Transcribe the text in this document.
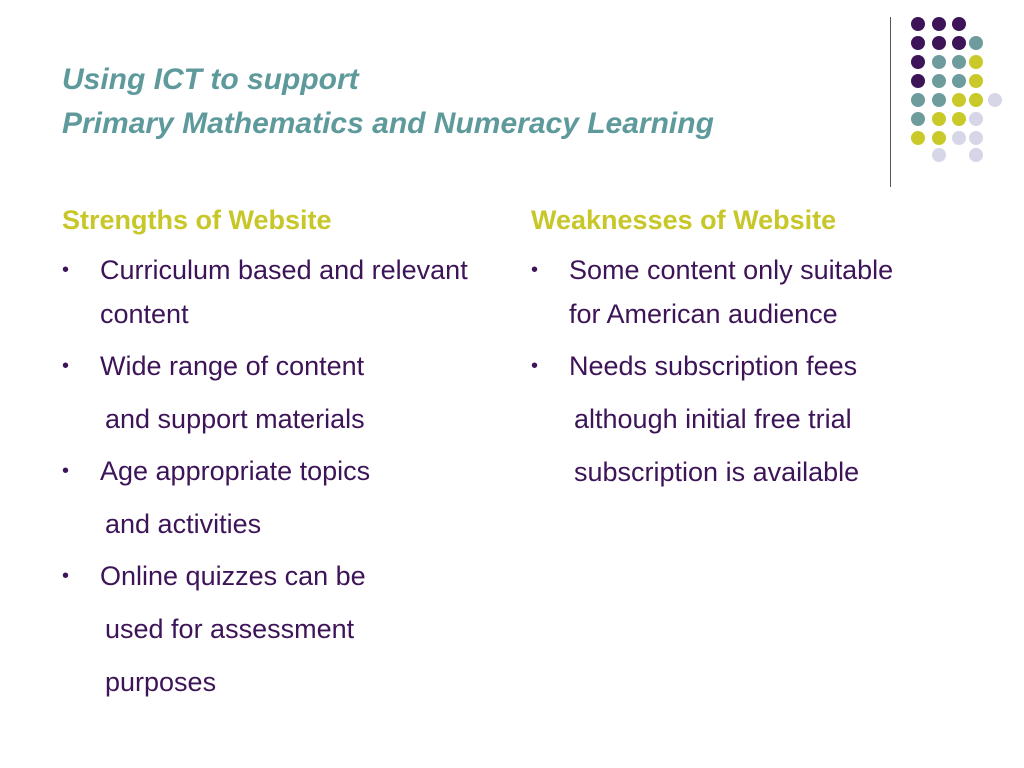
Using ICT to support
Primary Mathematics and Numeracy Learning
Strengths of Website
• Curriculum based and relevant content
• Wide range of content
and support materials
• Age appropriate topics
and activities
• Online quizzes can be
used for assessment
purposes
Weaknesses of Website
• Some content only suitable for American audience
• Needs subscription fees
although initial free trial
subscription is available
